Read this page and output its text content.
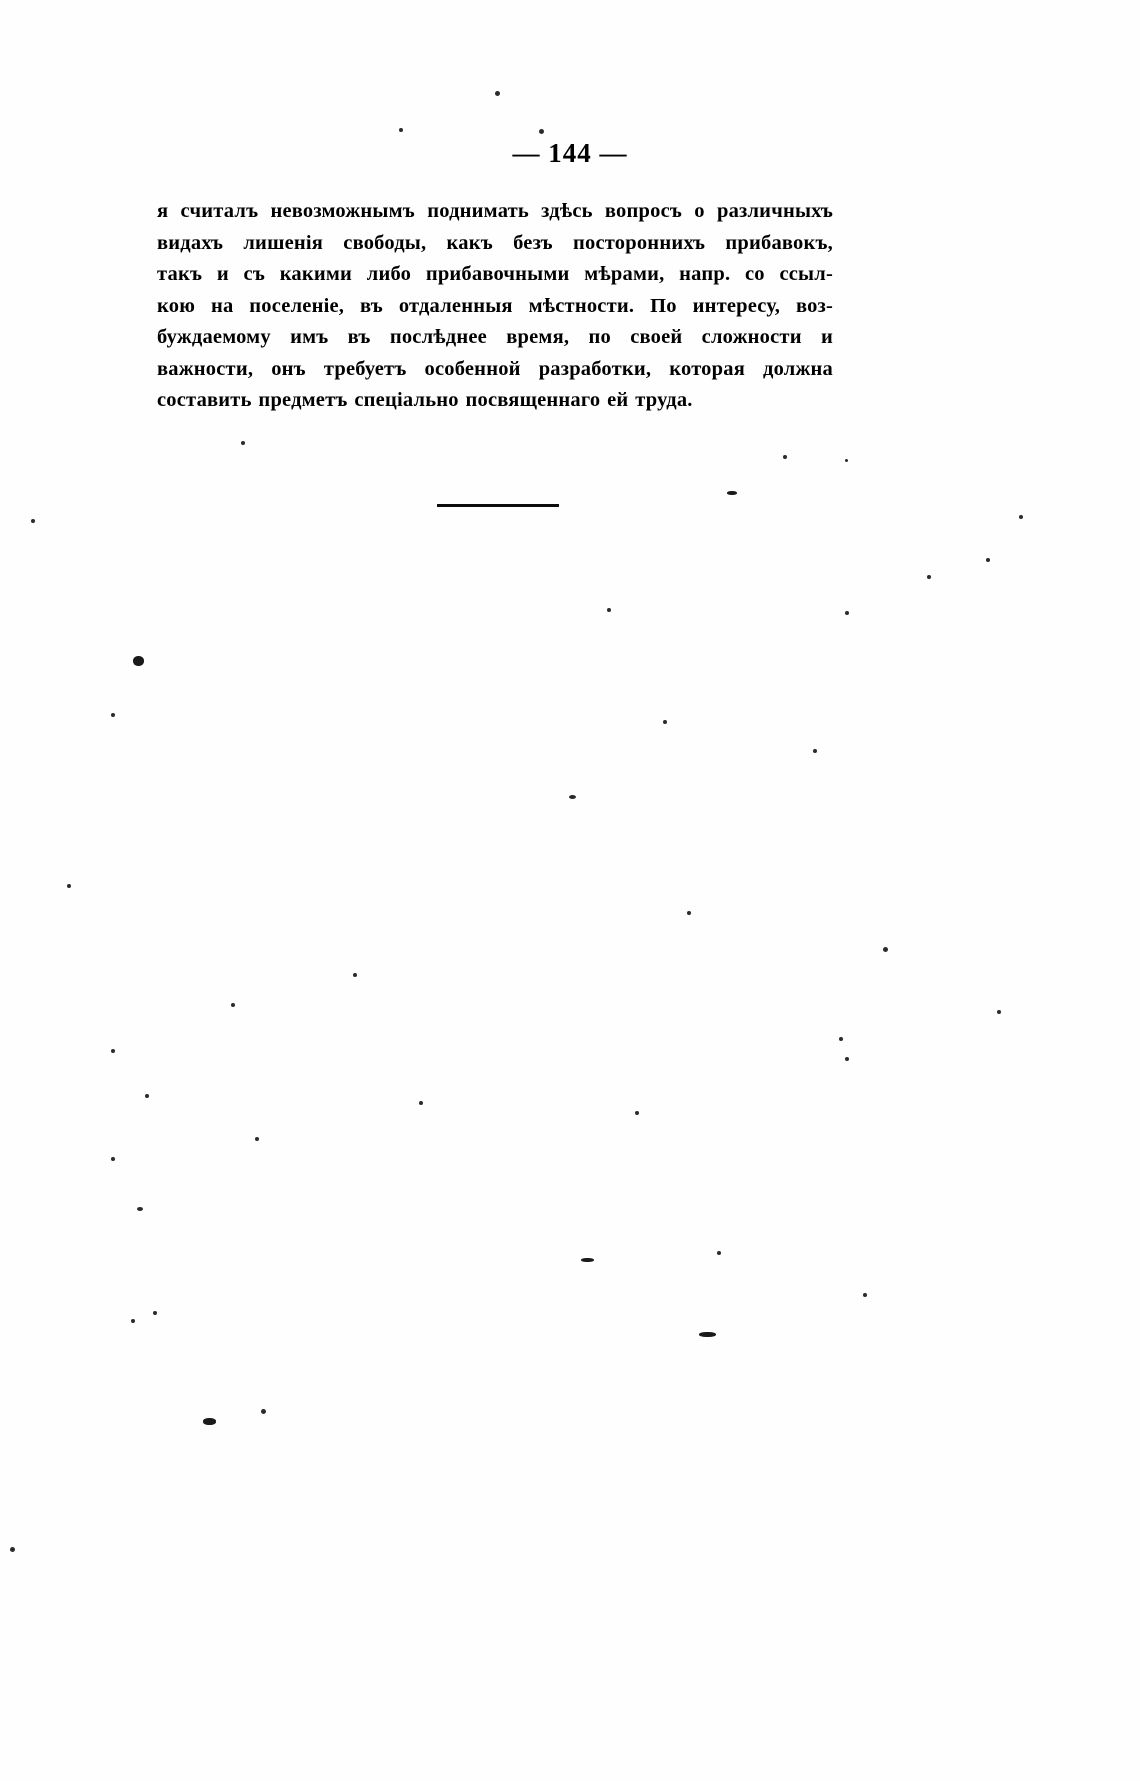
— 144 —

я считалъ невозможнымъ поднимать здѣсь вопросъ о различныхъ
видахъ лишенія свободы, какъ безъ постороннихъ прибавокъ,
такъ и съ какими либо прибавочными мѣрами, напр. со ссыл-
кою на поселеніе, въ отдаленныя мѣстности. По интересу, воз-
буждаемому имъ въ послѣднее время, по своей сложности и
важности, онъ требуетъ особенной разработки, которая должна
составить предметъ спеціально посвященнаго ей труда.
